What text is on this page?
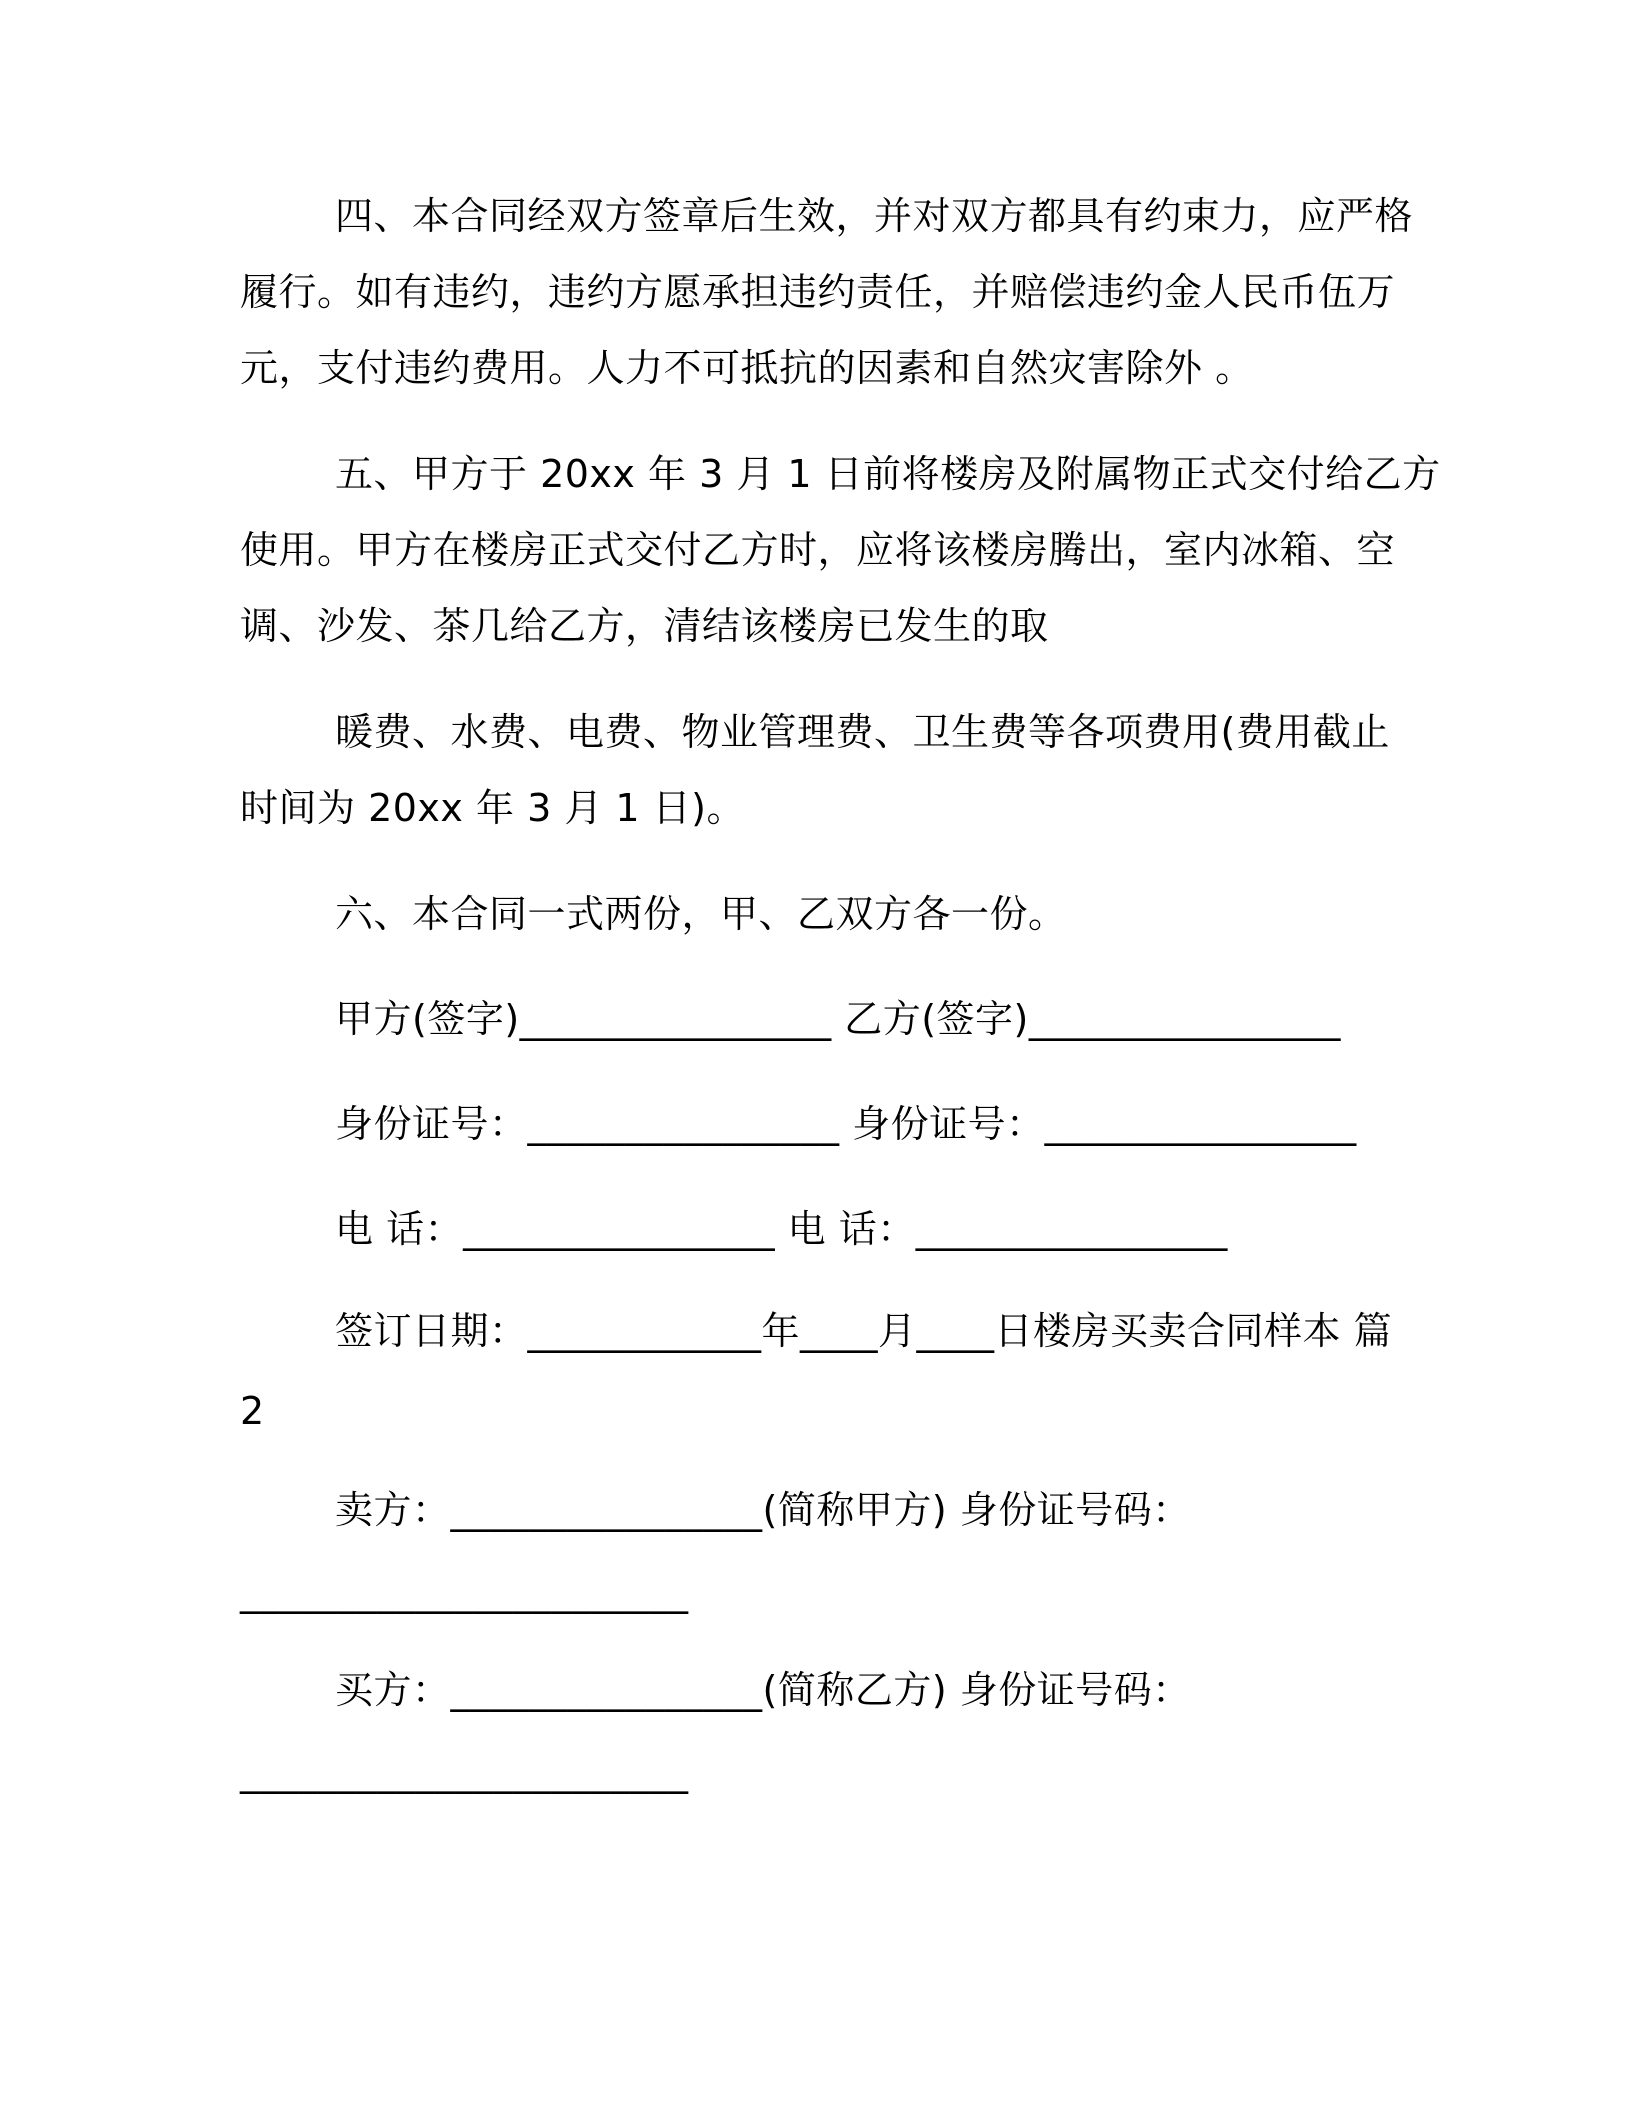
四、本合同经双方签章后生效，并对双方都具有约束力，应严格
履行。如有违约，违约方愿承担违约责任，并赔偿违约金人民币伍万
元，支付违约费用。人力不可抵抗的因素和自然灾害除外 。
五、甲方于 20xx 年 3 月 1 日前将楼房及附属物正式交付给乙方
使用。甲方在楼房正式交付乙方时，应将该楼房腾出，室内冰箱、空
调、沙发、茶几给乙方，清结该楼房已发生的取
暖费、水费、电费、物业管理费、卫生费等各项费用(费用截止
时间为 20xx 年 3 月 1 日)。
六、本合同一式两份，甲、乙双方各一份。
甲方(签字)________________ 乙方(签字)________________
身份证号：________________ 身份证号：________________
电 话：________________ 电 话：________________
签订日期：____________年____月____日楼房买卖合同样本 篇
2
卖方：________________(简称甲方) 身份证号码：
_______________________
买方：________________(简称乙方) 身份证号码：
_______________________
